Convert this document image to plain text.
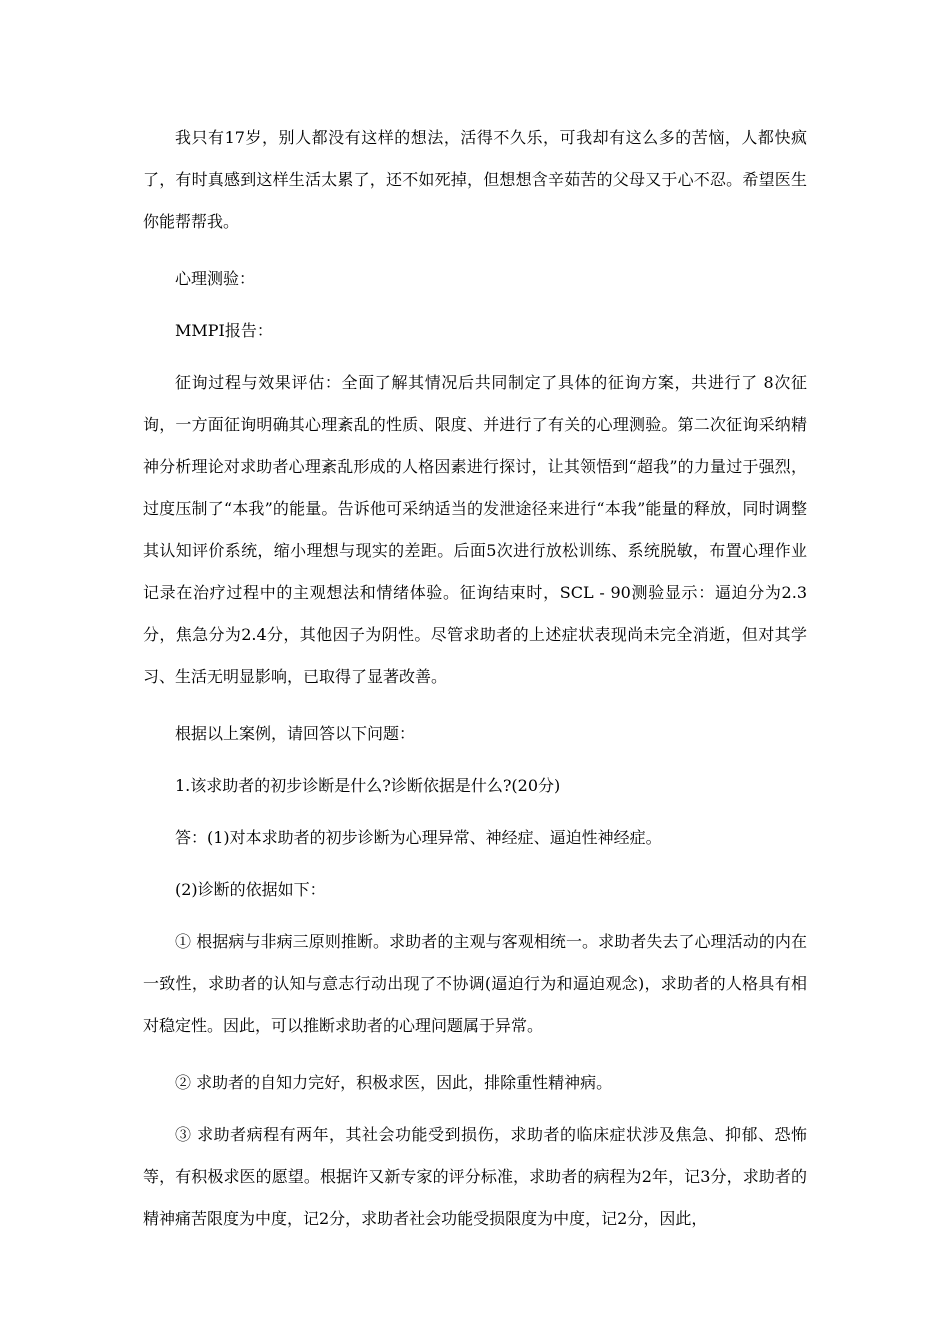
我只有17岁，别人都没有这样的想法，活得不久乐，可我却有这么多的苦恼，人都快疯了，有时真感到这样生活太累了，还不如死掉，但想想含辛茹苦的父母又于心不忍。希望医生你能帮帮我。

心理测验：

MMPI报告：

征询过程与效果评估：全面了解其情况后共同制定了具体的征询方案，共进行了 8次征询，一方面征询明确其心理紊乱的性质、限度、并进行了有关的心理测验。第二次征询采纳精神分析理论对求助者心理紊乱形成的人格因素进行探讨，让其领悟到“超我”的力量过于强烈，过度压制了“本我”的能量。告诉他可采纳适当的发泄途径来进行“本我”能量的释放，同时调整其认知评价系统，缩小理想与现实的差距。后面5次进行放松训练、系统脱敏，布置心理作业记录在治疗过程中的主观想法和情绪体验。征询结束时，SCL - 90测验显示：逼迫分为2.3分，焦急分为2.4分，其他因子为阴性。尽管求助者的上述症状表现尚未完全消逝，但对其学习、生活无明显影响，已取得了显著改善。

根据以上案例，请回答以下问题：

1.该求助者的初步诊断是什么?诊断依据是什么?(20分)

答：(1)对本求助者的初步诊断为心理异常、神经症、逼迫性神经症。

(2)诊断的依据如下：

① 根据病与非病三原则推断。求助者的主观与客观相统一。求助者失去了心理活动的内在一致性，求助者的认知与意志行动出现了不协调(逼迫行为和逼迫观念)，求助者的人格具有相对稳定性。因此，可以推断求助者的心理问题属于异常。

② 求助者的自知力完好，积极求医，因此，排除重性精神病。

③ 求助者病程有两年，其社会功能受到损伤，求助者的临床症状涉及焦急、抑郁、恐怖等，有积极求医的愿望。根据许又新专家的评分标准，求助者的病程为2年，记3分，求助者的精神痛苦限度为中度，记2分，求助者社会功能受损限度为中度，记2分，因此，
